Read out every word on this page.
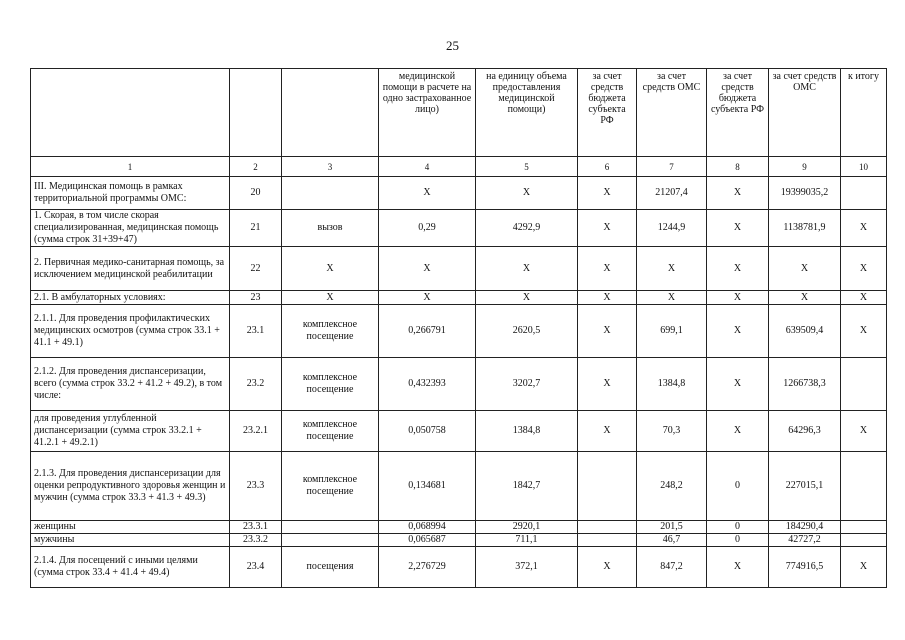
25
			медицинской помощи в расчете на одно застрахованное лицо)	на единицу объема предоставления медицинской помощи)	за счет средств бюджета субъекта РФ	за счет средств ОМС	за счет средств бюджета субъекта РФ	за счет средств ОМС	к итогу
1	2	3	4	5	6	7	8	9	10
III. Медицинская помощь в рамках территориальной программы ОМС:	20		X	X	X	21207,4	X	19399035,2	
1. Скорая, в том числе скорая специализированная, медицинская помощь (сумма строк 31+39+47)	21	вызов	0,29	4292,9	X	1244,9	X	1138781,9	X
2. Первичная медико-санитарная помощь, за исключением медицинской реабилитации	22	X	X	X	X	X	X	X	X
2.1. В амбулаторных условиях:	23	X	X	X	X	X	X	X	X
2.1.1. Для проведения профилактических медицинских осмотров (сумма строк 33.1 + 41.1 + 49.1)	23.1	комплексное посещение	0,266791	2620,5	X	699,1	X	639509,4	X
2.1.2. Для проведения диспансеризации, всего (сумма строк 33.2 + 41.2 + 49.2), в том числе:	23.2	комплексное посещение	0,432393	3202,7	X	1384,8	X	1266738,3	
для проведения углубленной диспансеризации (сумма строк 33.2.1 + 41.2.1 + 49.2.1)	23.2.1	комплексное посещение	0,050758	1384,8	X	70,3	X	64296,3	X
2.1.3. Для проведения диспансеризации для оценки репродуктивного здоровья женщин и мужчин (сумма строк 33.3 + 41.3 + 49.3)	23.3	комплексное посещение	0,134681	1842,7		248,2	0	227015,1	
женщины	23.3.1		0,068994	2920,1		201,5	0	184290,4	
мужчины	23.3.2		0,065687	711,1		46,7	0	42727,2	
2.1.4. Для посещений с иными целями (сумма строк 33.4 + 41.4 + 49.4)	23.4	посещения	2,276729	372,1	X	847,2	X	774916,5	X
